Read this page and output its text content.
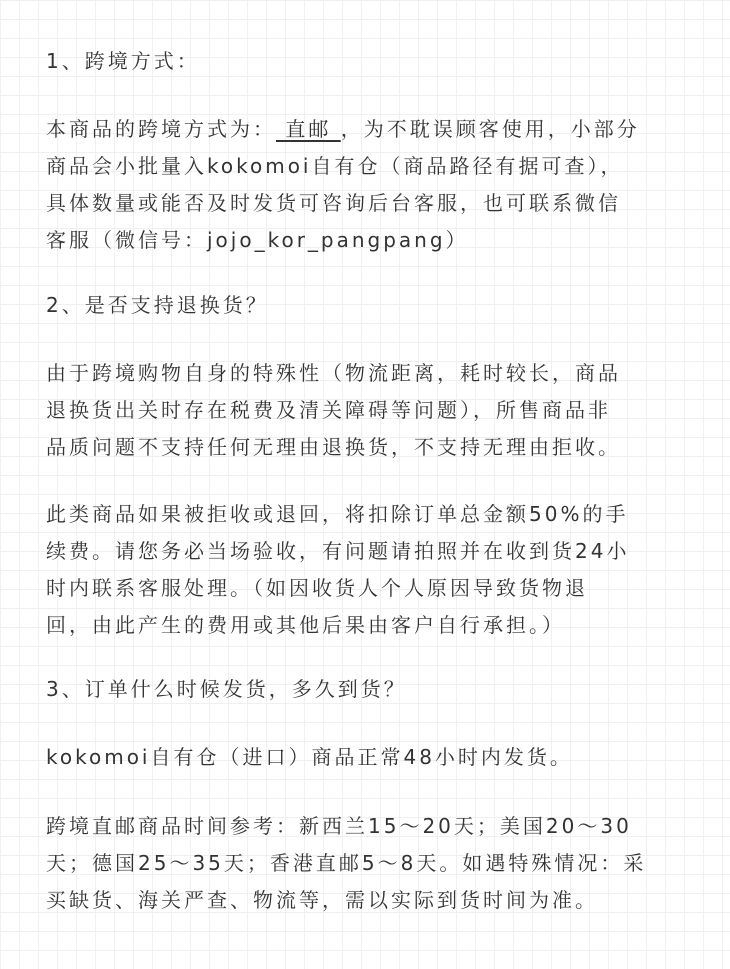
1、跨境方式：

本商品的跨境方式为： 直邮 ，为不耽误顾客使用，小部分
商品会小批量入kokomoi自有仓（商品路径有据可查），
具体数量或能否及时发货可咨询后台客服，也可联系微信
客服（微信号：jojo_kor_pangpang）

2、是否支持退换货？

由于跨境购物自身的特殊性（物流距离，耗时较长，商品
退换货出关时存在税费及清关障碍等问题），所售商品非
品质问题不支持任何无理由退换货，不支持无理由拒收。
此类商品如果被拒收或退回，将扣除订单总金额50%的手
续费。请您务必当场验收，有问题请拍照并在收到货24小
时内联系客服处理。（如因收货人个人原因导致货物退
回，由此产生的费用或其他后果由客户自行承担。）

3、订单什么时候发货，多久到货？

kokomoi自有仓（进口）商品正常48小时内发货。
跨境直邮商品时间参考：新西兰15～20天；美国20～30
天；德国25～35天；香港直邮5～8天。如遇特殊情况：采
买缺货、海关严查、物流等，需以实际到货时间为准。
